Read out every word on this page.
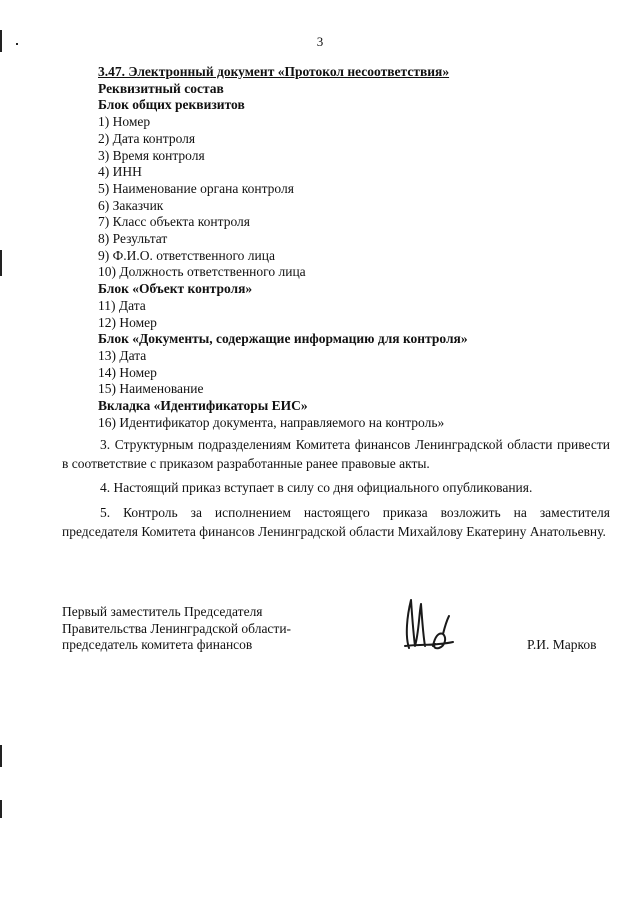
3
3.47. Электронный документ «Протокол несоответствия»
Реквизитный состав
Блок общих реквизитов
1) Номер
2) Дата контроля
3) Время контроля
4) ИНН
5) Наименование органа контроля
6) Заказчик
7) Класс объекта контроля
8) Результат
9) Ф.И.О. ответственного лица
10) Должность ответственного лица
Блок «Объект контроля»
11) Дата
12) Номер
Блок «Документы, содержащие информацию для контроля»
13) Дата
14) Номер
15) Наименование
Вкладка «Идентификаторы ЕИС»
16) Идентификатор документа, направляемого на контроль»
3. Структурным подразделениям Комитета финансов Ленинградской области привести в соответствие с приказом разработанные ранее правовые акты.
4. Настоящий приказ вступает в силу со дня официального опубликования.
5. Контроль за исполнением настоящего приказа возложить на заместителя председателя Комитета финансов Ленинградской области Михайлову Екатерину Анатольевну.
Первый заместитель Председателя
Правительства Ленинградской области-
председатель комитета финансов	Р.И. Марков
